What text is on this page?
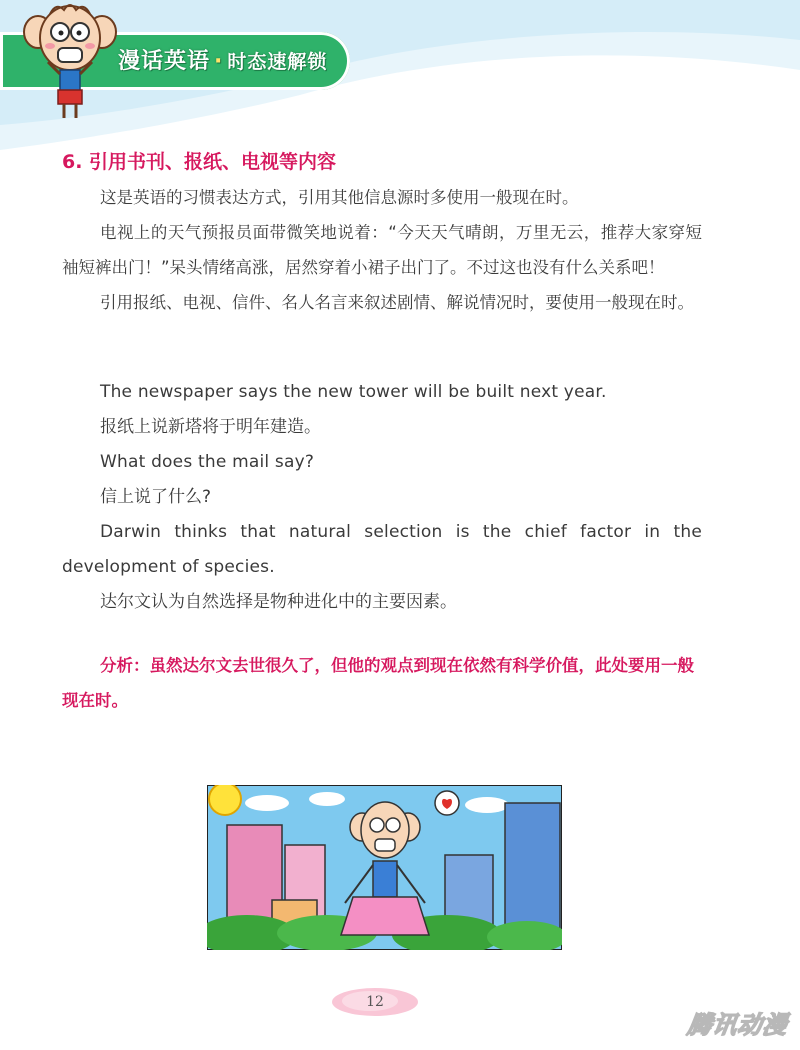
漫话英语 · 时态速解锁

6. 引用书刊、报纸、电视等内容

这是英语的习惯表达方式，引用其他信息源时多使用一般现在时。

电视上的天气预报员面带微笑地说着：“今天天气晴朗，万里无云，推荐大家穿短袖短裤出门！”呆头情绪高涨，居然穿着小裙子出门了。不过这也没有什么关系吧！

引用报纸、电视、信件、名人名言来叙述剧情、解说情况时，要使用一般现在时。

The newspaper says the new tower will be built next year.

报纸上说新塔将于明年建造。

What does the mail say?

信上说了什么?

Darwin thinks that natural selection is the chief factor in the development of species.

达尔文认为自然选择是物种进化中的主要因素。

分析：虽然达尔文去世很久了，但他的观点到现在依然有科学价值，此处要用一般现在时。

12
腾讯动漫
